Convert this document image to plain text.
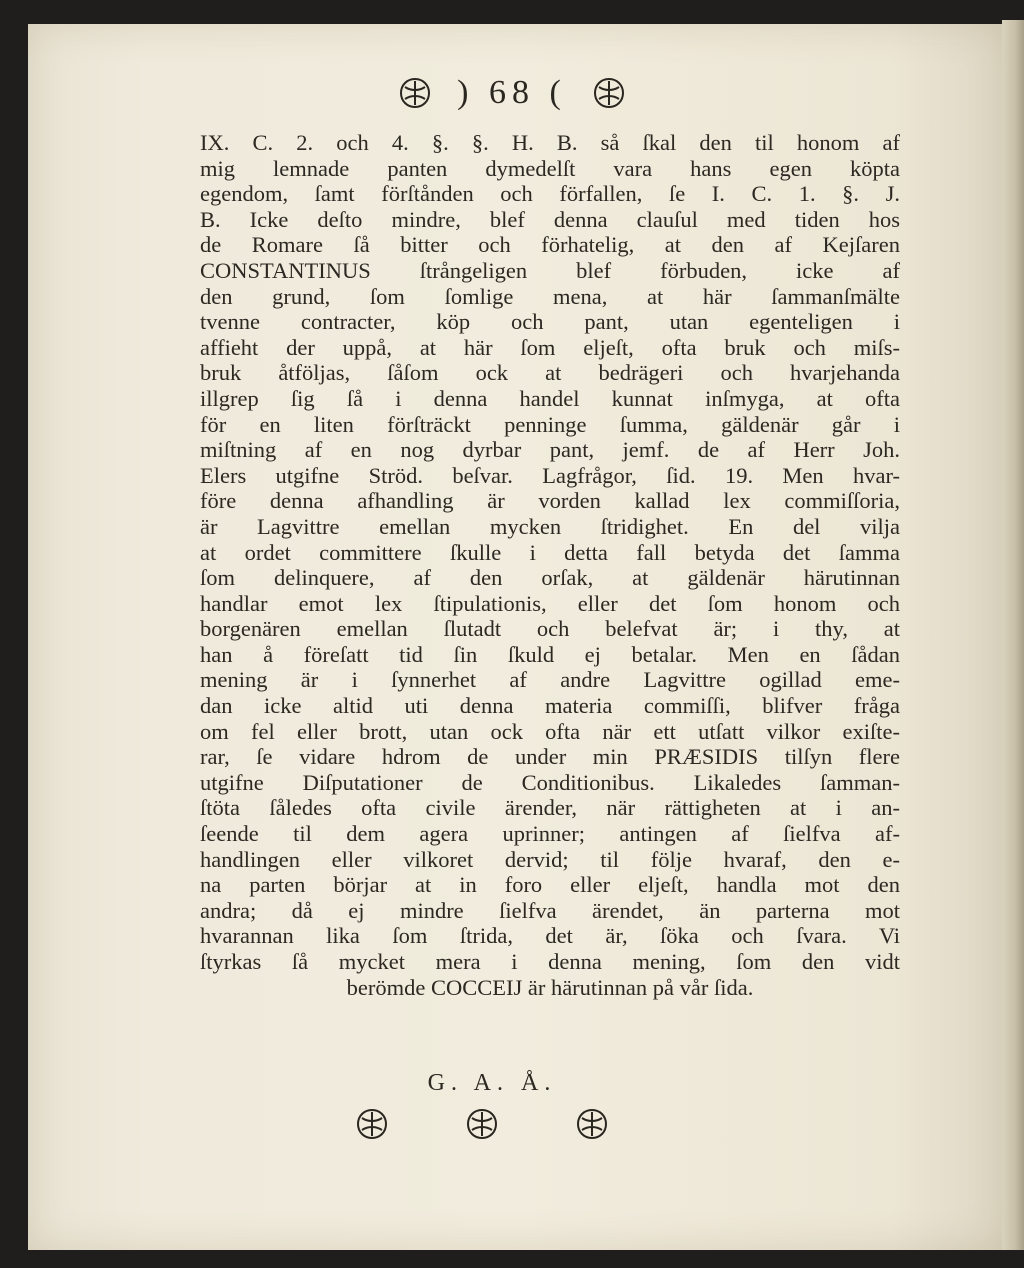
) 68 (
IX. C. 2. och 4. §. §. H. B. så ſkal den til honom af
mig lemnade panten dymedelſt vara hans egen köpta
egendom, ſamt förſtånden och förfallen, ſe I. C. 1. §. J.
B. Icke deſto mindre, blef denna clauſul med tiden hos
de Romare ſå bitter och förhatelig, at den af Kejſaren
CONSTANTINUS ſtrångeligen blef förbuden, icke af
den grund, ſom ſomlige mena, at här ſammanſmälte
tvenne contracter, köp och pant, utan egenteligen i
affieht der uppå, at här ſom eljeſt, ofta bruk och miſs-
bruk åtföljas, ſåſom ock at bedrägeri och hvarjehanda
illgrep ſig ſå i denna handel kunnat inſmyga, at ofta
för en liten förſträckt penninge ſumma, gäldenär går i
miſtning af en nog dyrbar pant, jemf. de af Herr Joh.
Elers utgifne Ströd. beſvar. Lagfrågor, ſid. 19. Men hvar-
före denna afhandling är vorden kallad lex commiſſoria,
är Lagvittre emellan mycken ſtridighet. En del vilja
at ordet committere ſkulle i detta fall betyda det ſamma
ſom delinquere, af den orſak, at gäldenär härutinnan
handlar emot lex ſtipulationis, eller det ſom honom och
borgenären emellan ſlutadt och belefvat är; i thy, at
han å föreſatt tid ſin ſkuld ej betalar. Men en ſådan
mening är i ſynnerhet af andre Lagvittre ogillad eme-
dan icke altid uti denna materia commiſſi, blifver fråga
om fel eller brott, utan ock ofta när ett utſatt vilkor exiſte-
rar, ſe vidare hdrom de under min PRÆSIDIS tilſyn flere
utgifne Diſputationer de Conditionibus. Likaledes ſamman-
ſtöta ſåledes ofta civile ärender, när rättigheten at i an-
ſeende til dem agera uprinner; antingen af ſielfva af-
handlingen eller vilkoret dervid; til följe hvaraf, den e-
na parten börjar at in foro eller eljeſt, handla mot den
andra; då ej mindre ſielfva ärendet, än parterna mot
hvarannan lika ſom ſtrida, det är, ſöka och ſvara. Vi
ſtyrkas ſå mycket mera i denna mening, ſom den vidt
berömde COCCEIJ är härutinnan på vår ſida.
G. A. Å.
